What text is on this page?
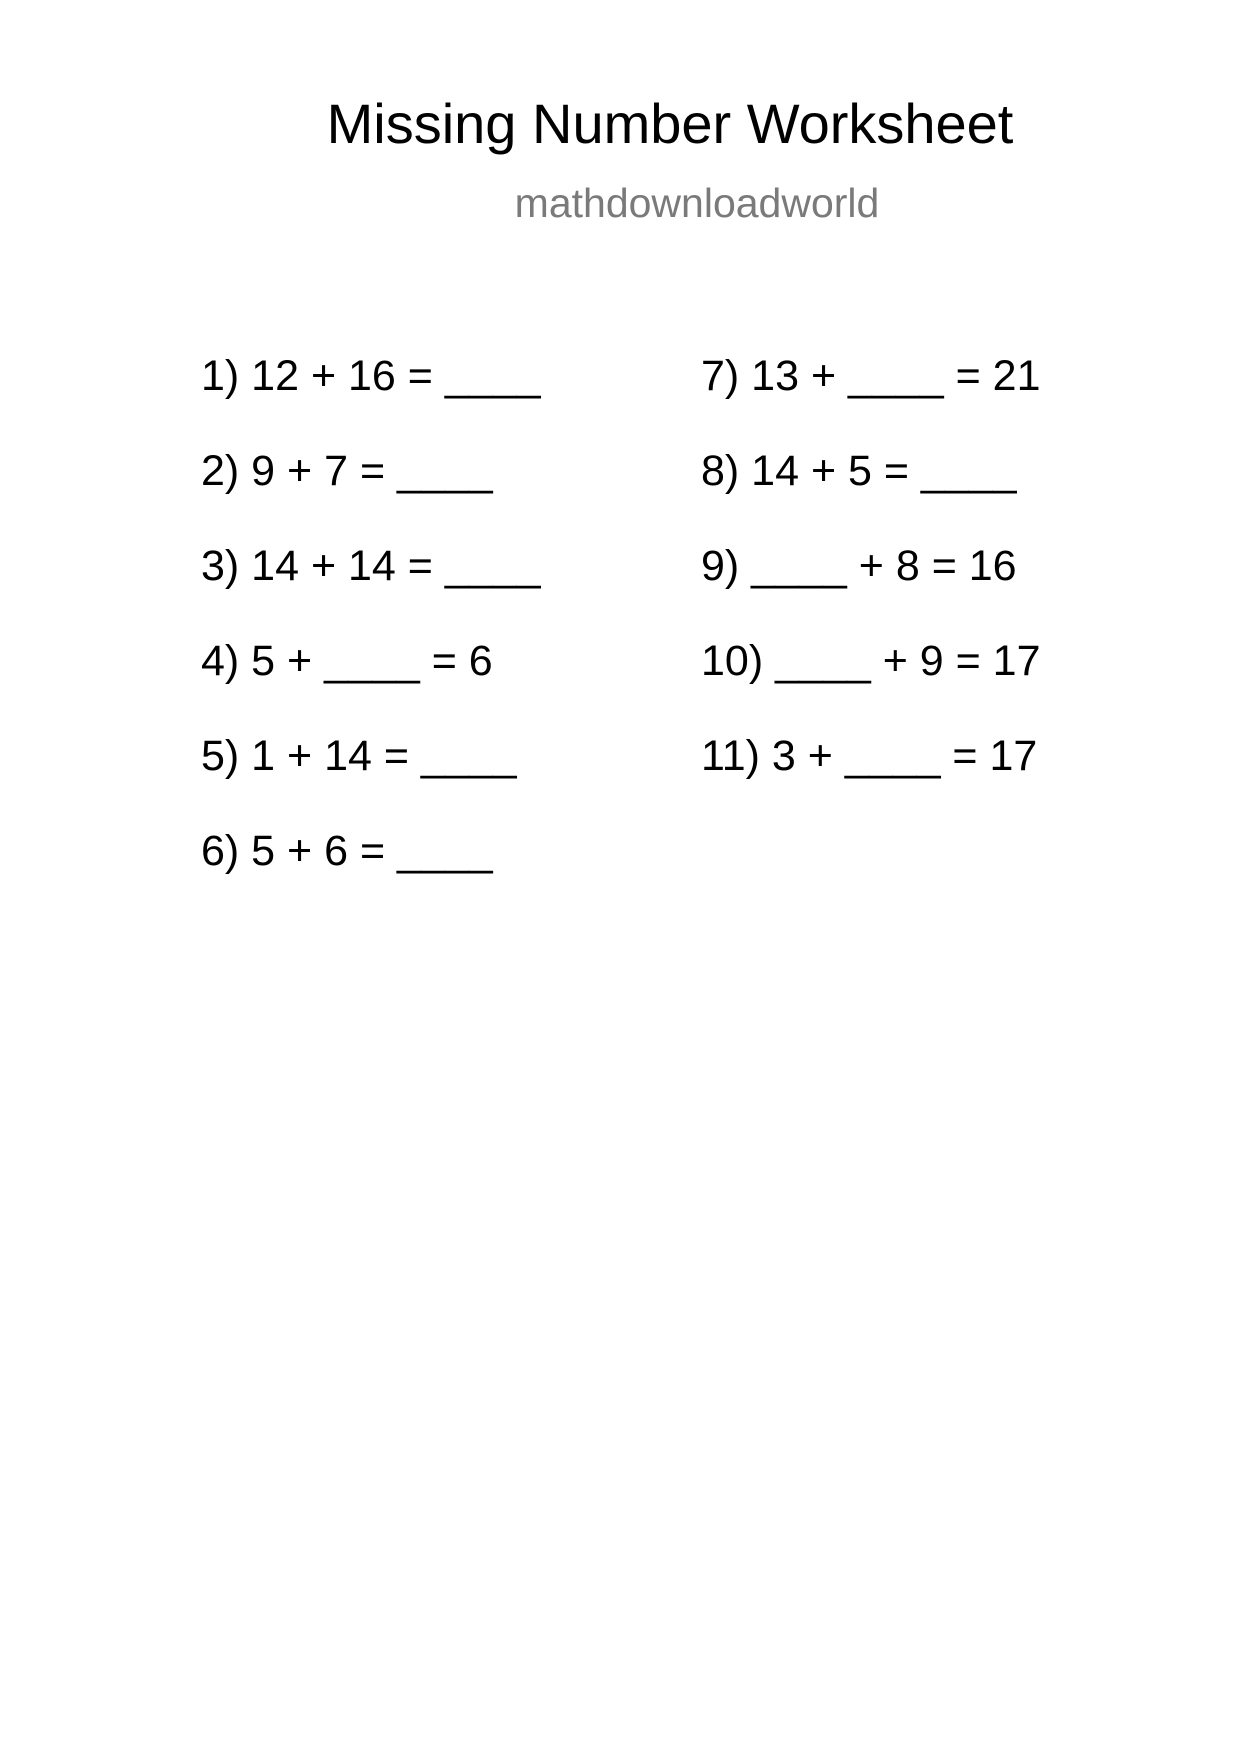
Missing Number Worksheet
mathdownloadworld
1) 12 + 16 = ____
2) 9 + 7 = ____
3) 14 + 14 = ____
4) 5 + ____ = 6
5) 1 + 14 = ____
6) 5 + 6 = ____
7) 13 + ____ = 21
8) 14 + 5 = ____
9) ____ + 8 = 16
10) ____ + 9 = 17
11) 3 + ____ = 17
